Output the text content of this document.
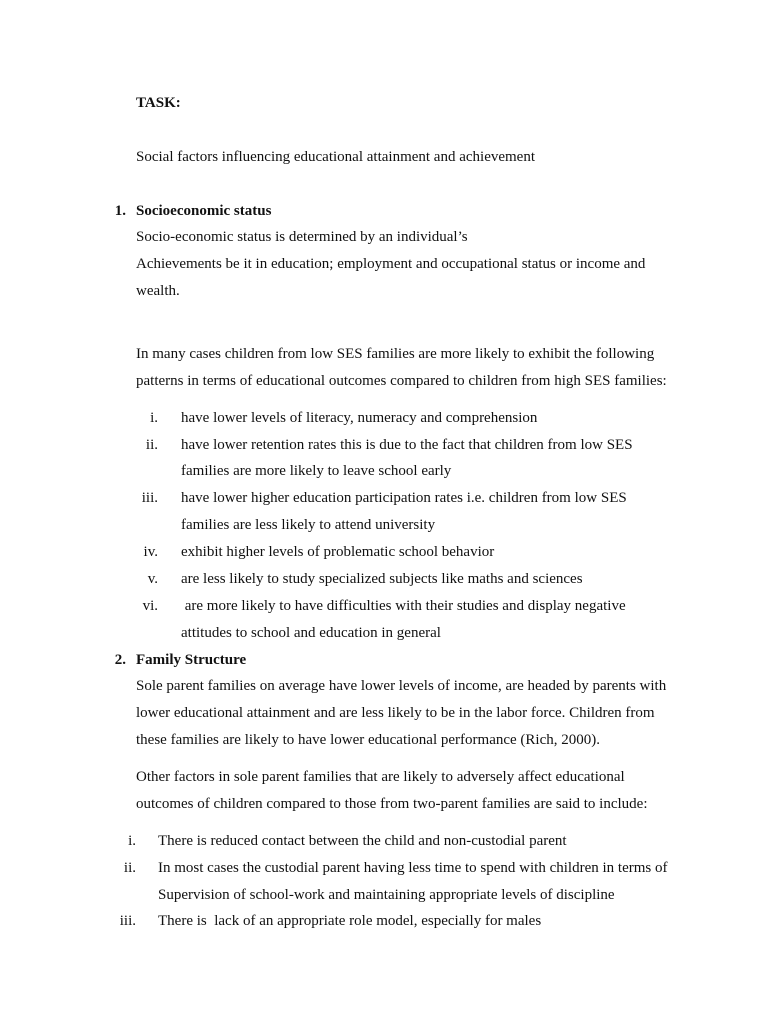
TASK:
Social factors influencing educational attainment and achievement
1. Socioeconomic status
Socio-economic status is determined by an individual’s
Achievements be it in education; employment and occupational status or income and
wealth.
In many cases children from low SES families are more likely to exhibit the following
patterns in terms of educational outcomes compared to children from high SES families:
i. have lower levels of literacy, numeracy and comprehension
ii. have lower retention rates this is due to the fact that children from low SES
families are more likely to leave school early
iii. have lower higher education participation rates i.e. children from low SES
families are less likely to attend university
iv. exhibit higher levels of problematic school behavior
v. are less likely to study specialized subjects like maths and sciences
vi. are more likely to have difficulties with their studies and display negative
attitudes to school and education in general
2. Family Structure
Sole parent families on average have lower levels of income, are headed by parents with
lower educational attainment and are less likely to be in the labor force. Children from
these families are likely to have lower educational performance (Rich, 2000).
Other factors in sole parent families that are likely to adversely affect educational
outcomes of children compared to those from two-parent families are said to include:
i. There is reduced contact between the child and non-custodial parent
ii. In most cases the custodial parent having less time to spend with children in terms of
Supervision of school-work and maintaining appropriate levels of discipline
iii. There is  lack of an appropriate role model, especially for males
